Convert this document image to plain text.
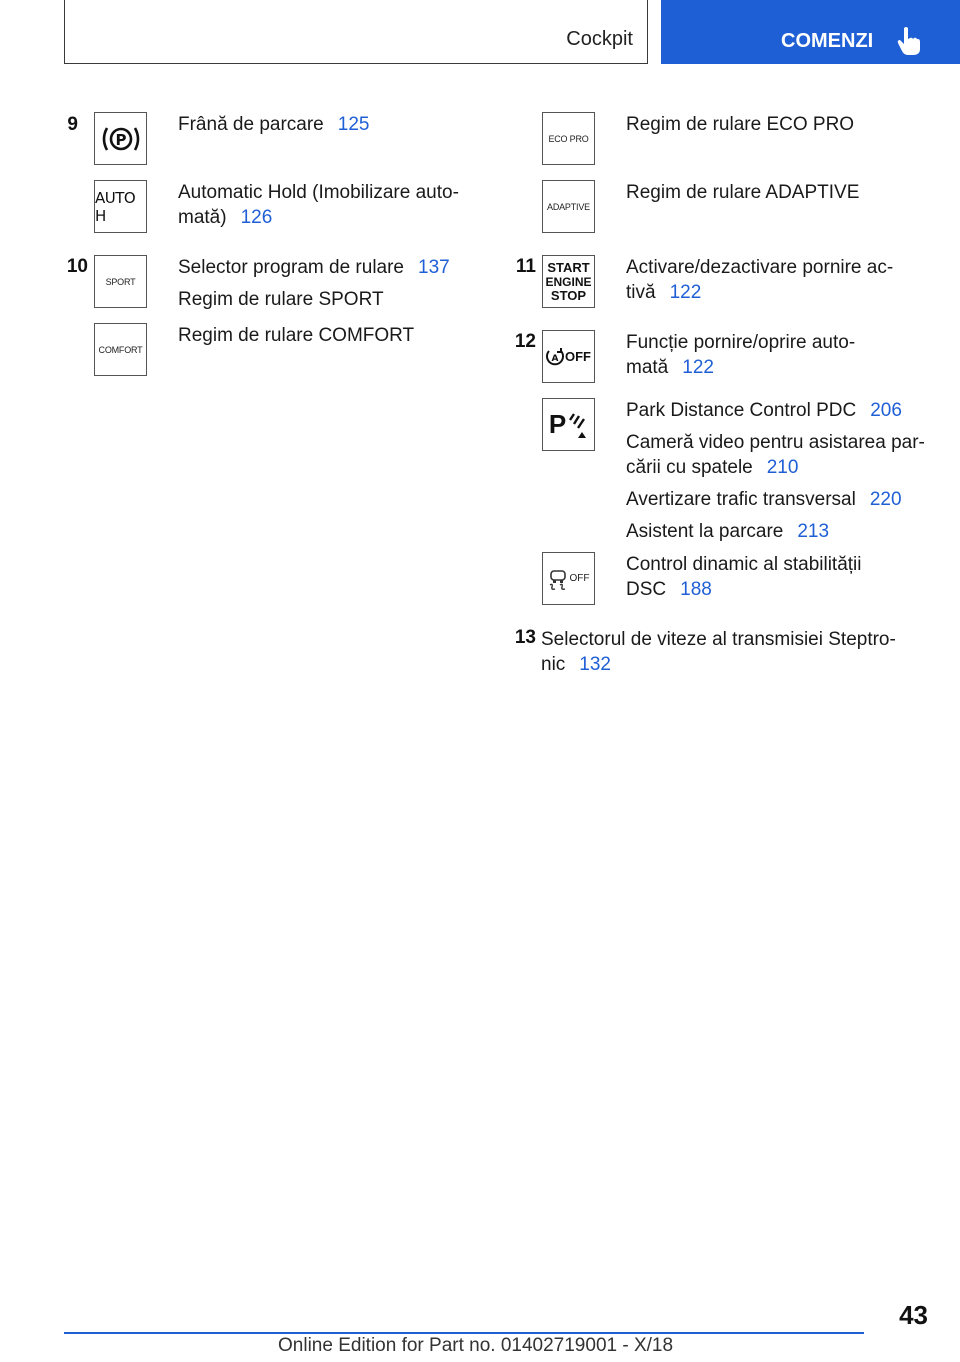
Cockpit	COMENZI
9
P
Frână de parcare 125
AUTO H
Automatic Hold (Imobilizare auto-
mată) 126
10
SPORT
Selector program de rulare 137
Regim de rulare SPORT
COMFORT
Regim de rulare COMFORT
ECO PRO
Regim de rulare ECO PRO
ADAPTIVE
Regim de rulare ADAPTIVE
11 START
ENGINE
STOP
Activare/dezactivare pornire ac-
tivă 122
12
A OFF
Funcție pornire/oprire auto-
mată 122
P	Park Distance Control PDC 206
Cameră video pentru asistarea par-
cării cu spatele 210
Avertizare trafic transversal 220
Asistent la parcare 213
OFF
Control dinamic al stabilității
DSC 188
13 Selectorul de viteze al transmisiei Steptro-
nic 132
43
Online Edition for Part no. 01402719001 - X/18
